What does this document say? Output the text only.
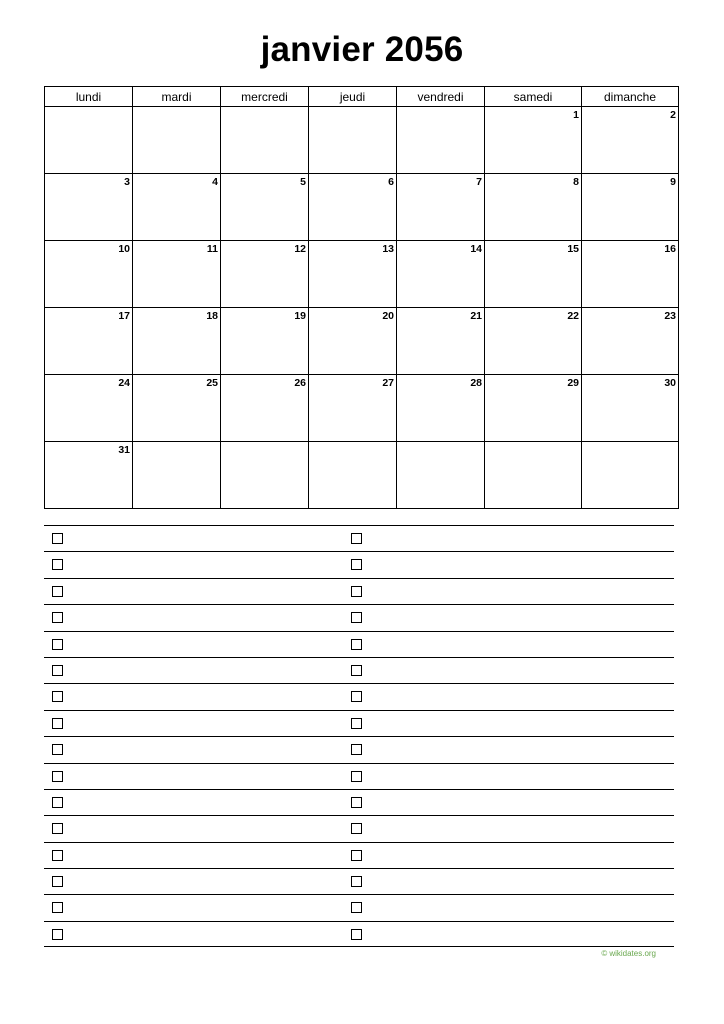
janvier 2056
lundi	mardi	mercredi	jeudi	vendredi	samedi	dimanche

					1	2

3	4	5	6	7	8	9

10	11	12	13	14	15	16

17	18	19	20	21	22	23

24	25	26	27	28	29	30

31						

© wikidates.org
